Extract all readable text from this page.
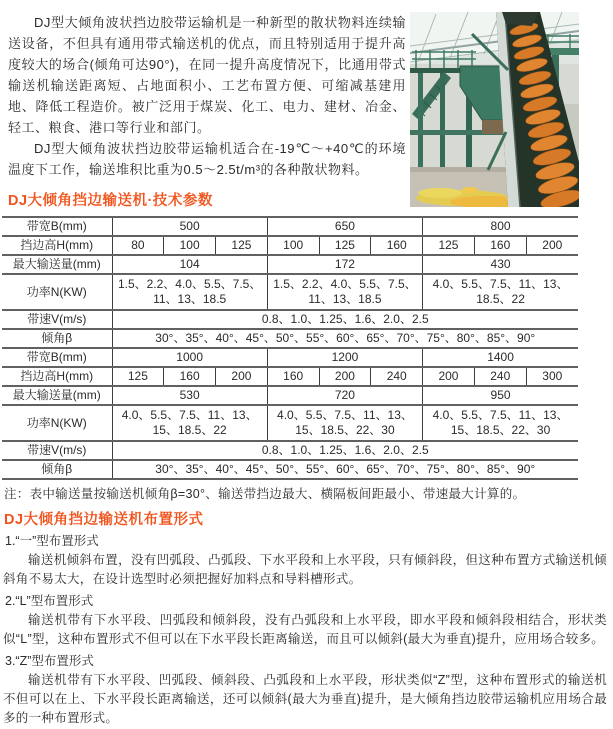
DJ型大倾角波状挡边胶带运输机是一种新型的散状物料连续输送设备，不但具有通用带式输送机的优点，而且特别适用于提升高度较大的场合(倾角可达90°)，在同一提升高度情况下，比通用带式输送机输送距离短、占地面积小、工艺布置方便、可缩减基建用地、降低工程造价。被广泛用于煤炭、化工、电力、建材、冶金、轻工、粮食、港口等行业和部门。

DJ型大倾角波状挡边胶带运输机适合在-19℃～+40℃的环境温度下工作，输送堆积比重为0.5～2.5t/m³的各种散状物料。

DJ大倾角挡边输送机·技术参数
带宽B(mm)	500			650			800		
挡边高H(mm)	80	100	125	100	125	160	125	160	200
最大输送量(mm)	104			172			430		
功率N(KW)	1.5、2.2、4.0、5.5、7.5、11、13、18.5			1.5、2.2、4.0、5.5、7.5、11、13、18.5			4.0、5.5、7.5、11、13、18.5、22		
带速V(m/s)	0.8、1.0、1.25、1.6、2.0、2.5								
倾角β	30°、35°、40°、45°、50°、55°、60°、65°、70°、75°、80°、85°、90°								
带宽B(mm)	1000			1200			1400		
挡边高H(mm)	125	160	200	160	200	240	200	240	300
最大输送量(mm)	530			720			950		
功率N(KW)	4.0、5.5、7.5、11、13、15、18.5、22			4.0、5.5、7.5、11、13、15、18.5、22、30			4.0、5.5、7.5、11、13、15、18.5、22、30		
带速V(m/s)	0.8、1.0、1.25、1.6、2.0、2.5								
倾角β	30°、35°、40°、45°、50°、55°、60°、65°、70°、75°、80°、85°、90°								

注：表中输送量按输送机倾角β=30°、输送带挡边最大、横隔板间距最小、带速最大计算的。

DJ大倾角挡边输送机布置形式

1.“一”型布置形式

输送机倾斜布置，没有凹弧段、凸弧段、下水平段和上水平段，只有倾斜段，但这种布置方式输送机倾斜角不易太大，在设计选型时必须把握好加料点和导料槽形式。

2.“L”型布置形式

输送机带有下水平段、凹弧段和倾斜段，没有凸弧段和上水平段，即水平段和倾斜段相结合，形状类似“L”型，这种布置形式不但可以在下水平段长距离输送，而且可以倾斜(最大为垂直)提升，应用场合较多。

3.“Z”型布置形式

输送机带有下水平段、凹弧段、倾斜段、凸弧段和上水平段，形状类似“Z”型，这种布置形式的输送机不但可以在上、下水平段长距离输送，还可以倾斜(最大为垂直)提升，是大倾角挡边胶带运输机应用场合最多的一种布置形式。
